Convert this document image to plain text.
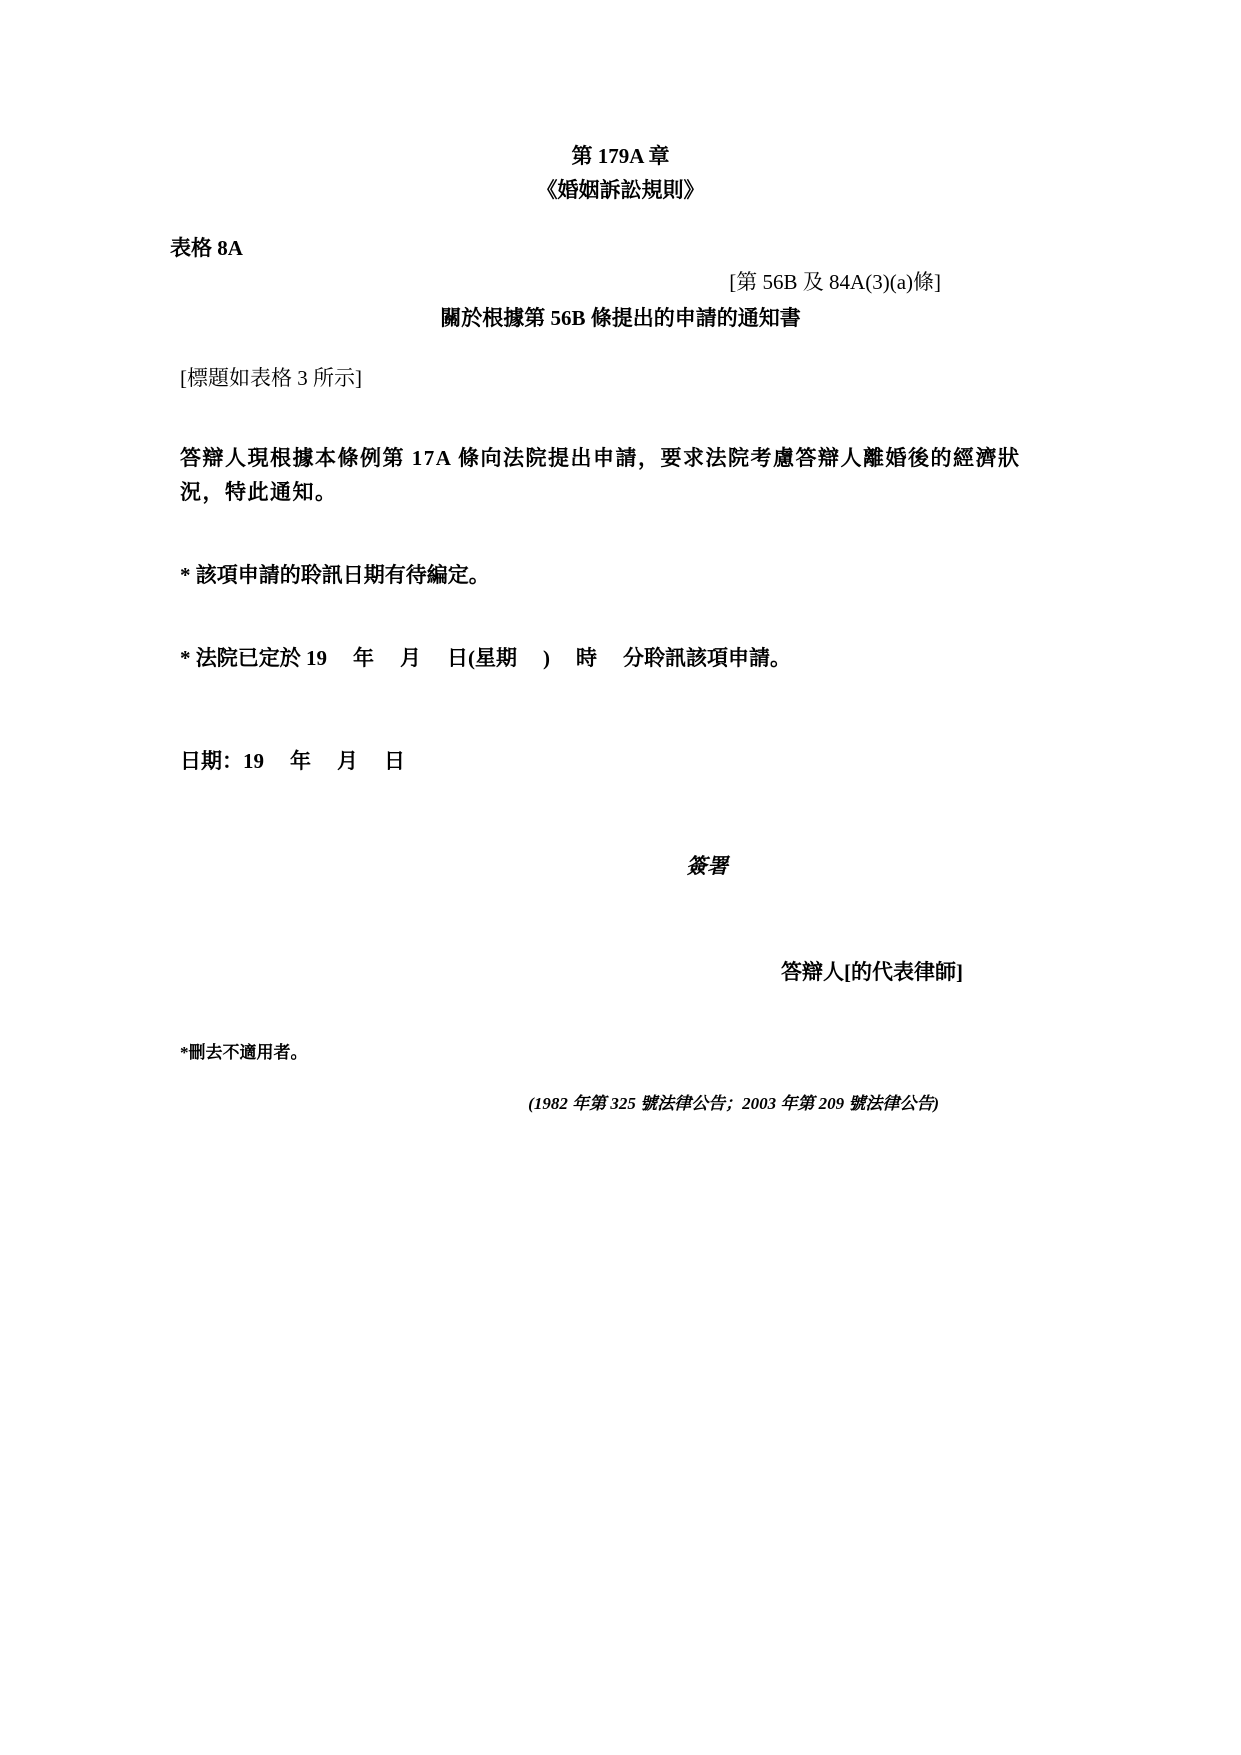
第 179A 章
《婚姻訴訟規則》
表格 8A
[第 56B 及 84A(3)(a)條]
關於根據第 56B 條提出的申請的通知書
[標題如表格 3 所示]
答辯人現根據本條例第 17A 條向法院提出申請，要求法院考慮答辯人離婚後的經濟狀
況，特此通知。
* 該項申請的聆訊日期有待編定。
* 法院已定於 19 年 月 日(星期 ) 時 分聆訊該項申請。
日期：19 年 月 日
簽署
答辯人[的代表律師]
*刪去不適用者。
(1982 年第 325 號法律公告；2003 年第 209 號法律公告)
